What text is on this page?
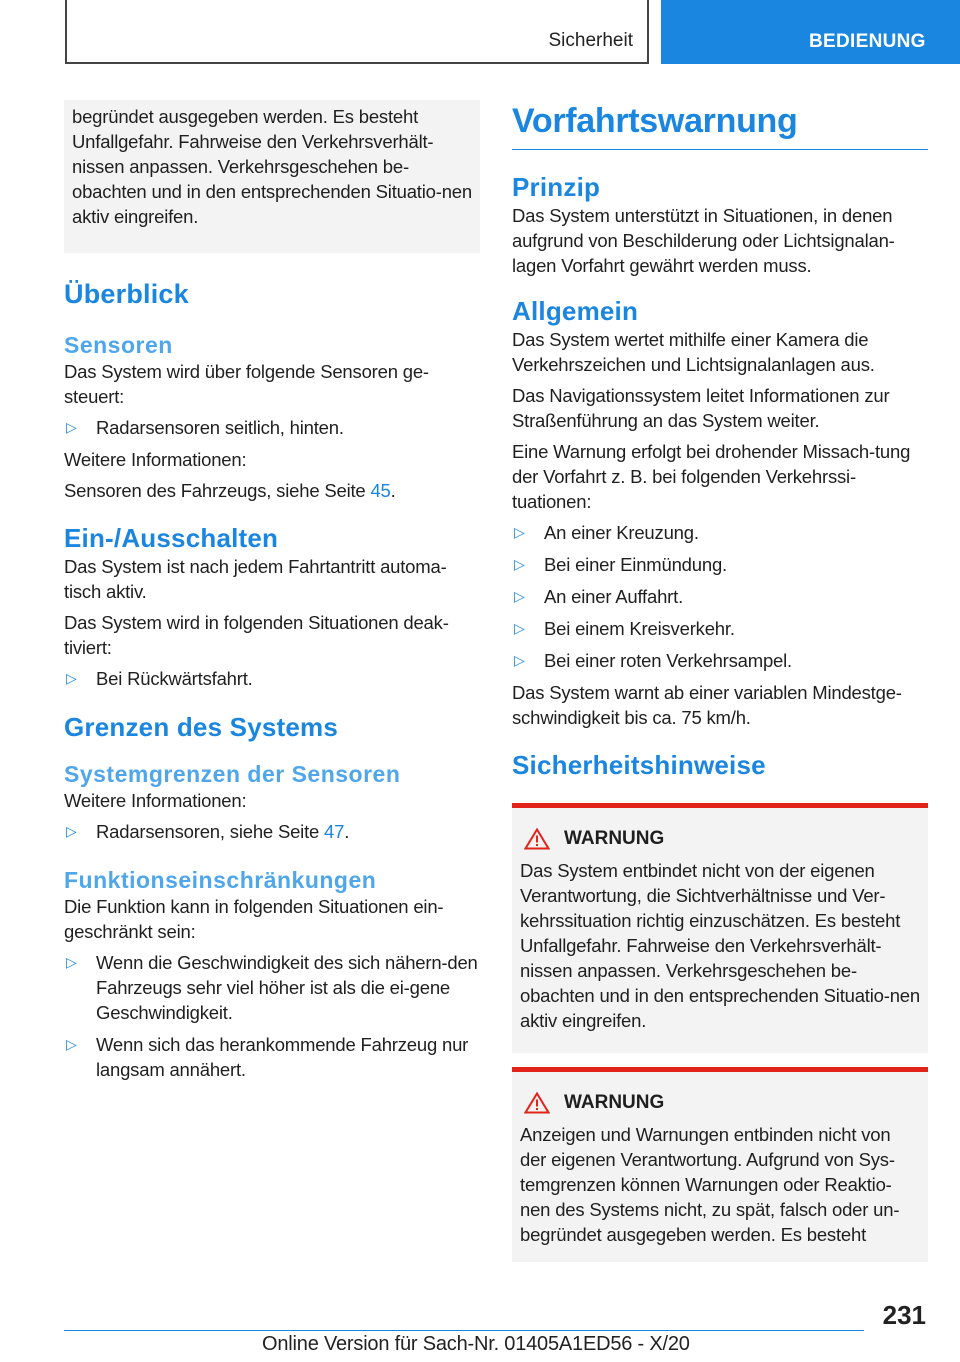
Sicherheit	BEDIENUNG

begründet ausgegeben werden. Es besteht Unfallgefahr. Fahrweise den Verkehrsverhält-nissen anpassen. Verkehrsgeschehen be-obachten und in den entsprechenden Situatio-nen aktiv eingreifen.

Überblick
Sensoren

Das System wird über folgende Sensoren ge-steuert:

▷
Radarsensoren seitlich, hinten.

Weitere Informationen:

Sensoren des Fahrzeugs, siehe Seite 45.

Ein-/Ausschalten

Das System ist nach jedem Fahrtantritt automa-tisch aktiv.

Das System wird in folgenden Situationen deak-tiviert:

▷
Bei Rückwärtsfahrt.
Grenzen des Systems
Systemgrenzen der Sensoren

Weitere Informationen:

▷
Radarsensoren, siehe Seite 47.
Funktionseinschränkungen

Die Funktion kann in folgenden Situationen ein-geschränkt sein:

▷
Wenn die Geschwindigkeit des sich nähern-den Fahrzeugs sehr viel höher ist als die ei-gene Geschwindigkeit.
▷
Wenn sich das herankommende Fahrzeug nur langsam annähert.
Vorfahrtswarnung
Prinzip

Das System unterstützt in Situationen, in denen aufgrund von Beschilderung oder Lichtsignalan-lagen Vorfahrt gewährt werden muss.

Allgemein

Das System wertet mithilfe einer Kamera die Verkehrszeichen und Lichtsignalanlagen aus.

Das Navigationssystem leitet Informationen zur Straßenführung an das System weiter.

Eine Warnung erfolgt bei drohender Missach-tung der Vorfahrt z. B. bei folgenden Verkehrssi-tuationen:

▷
An einer Kreuzung.
▷
Bei einer Einmündung.
▷
An einer Auffahrt.
▷
Bei einem Kreisverkehr.
▷
Bei einer roten Verkehrsampel.

Das System warnt ab einer variablen Mindestge-schwindigkeit bis ca. 75 km/h.

Sicherheitshinweise
WARNUNG

Das System entbindet nicht von der eigenen Verantwortung, die Sichtverhältnisse und Ver-kehrssituation richtig einzuschätzen. Es besteht Unfallgefahr. Fahrweise den Verkehrsverhält-nissen anpassen. Verkehrsgeschehen be-obachten und in den entsprechenden Situatio-nen aktiv eingreifen.

WARNUNG

Anzeigen und Warnungen entbinden nicht von der eigenen Verantwortung. Aufgrund von Sys-temgrenzen können Warnungen oder Reaktio-nen des Systems nicht, zu spät, falsch oder un-begründet ausgegeben werden. Es besteht

231
Online Version für Sach-Nr. 01405A1ED56 - X/20
